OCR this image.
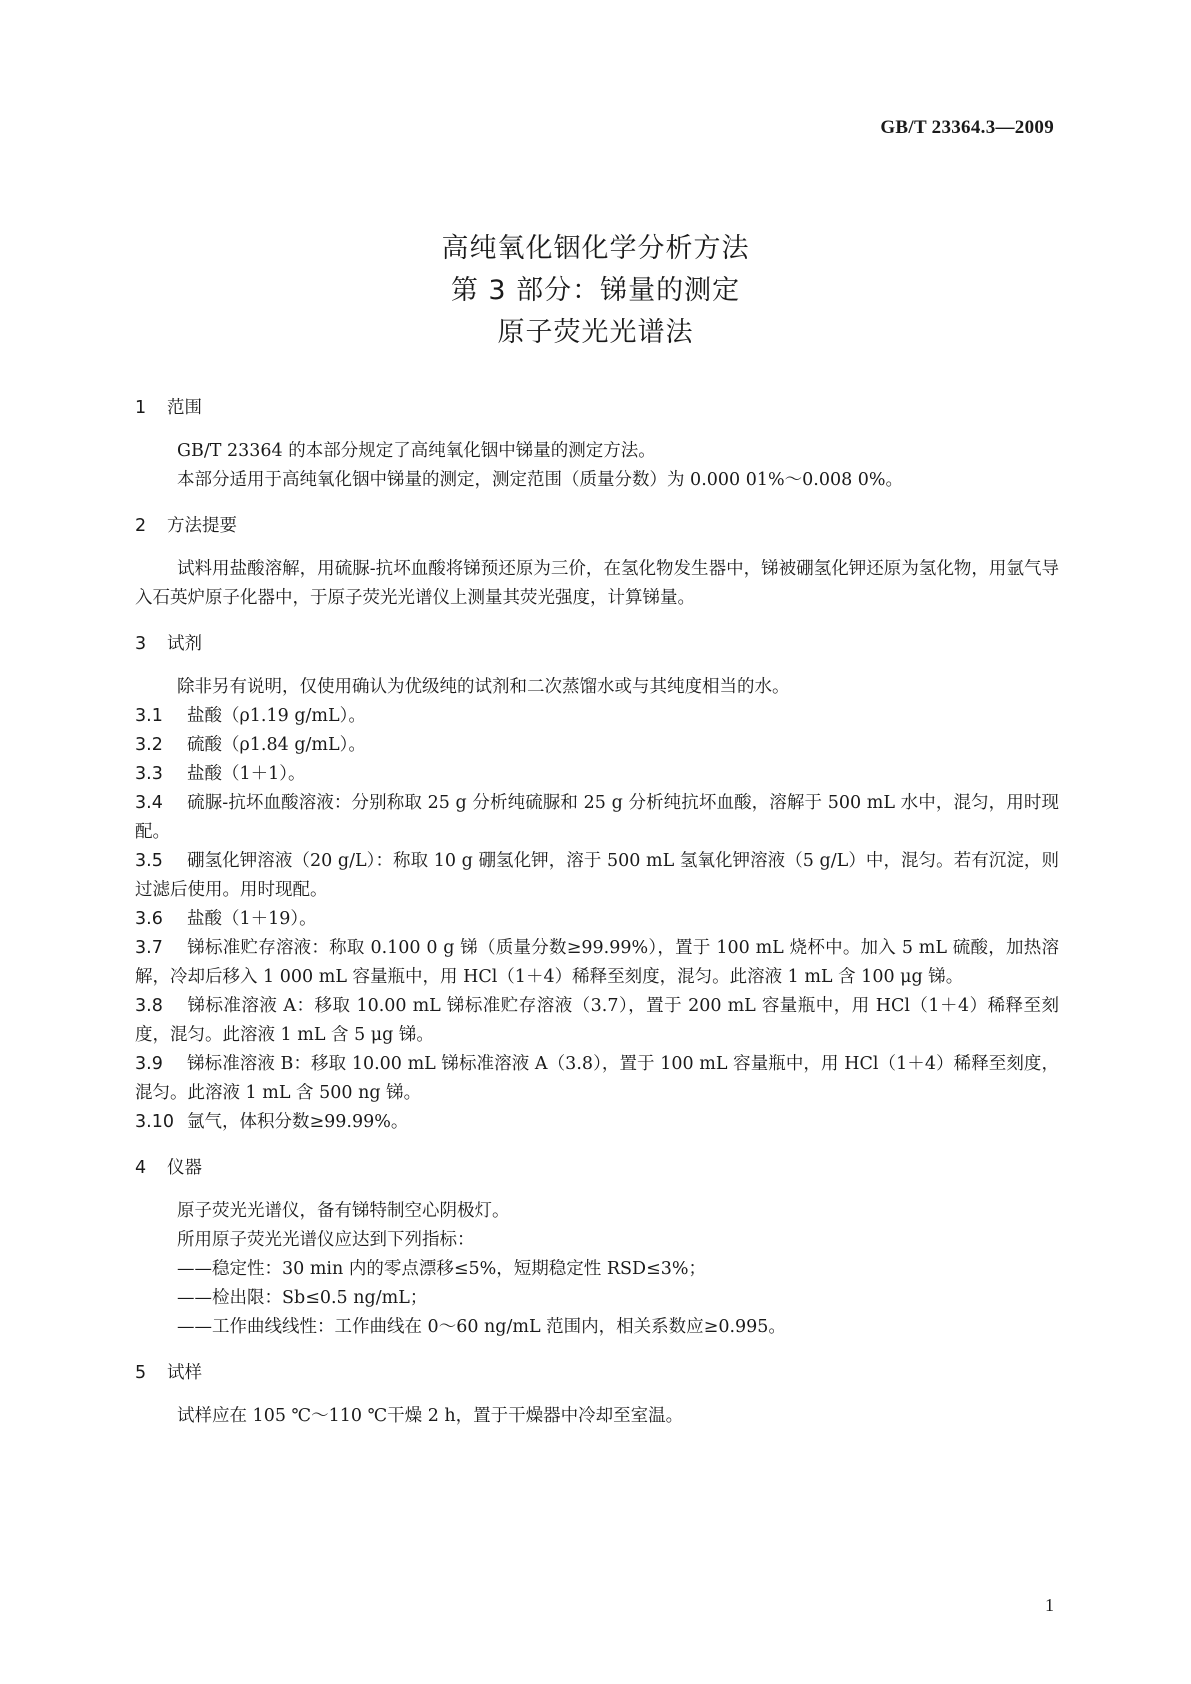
GB/T 23364.3—2009
高纯氧化铟化学分析方法
第 3 部分：锑量的测定
原子荧光光谱法

1 范围

GB/T 23364 的本部分规定了高纯氧化铟中锑量的测定方法。

本部分适用于高纯氧化铟中锑量的测定，测定范围（质量分数）为 0.000 01%～0.008 0%。

2 方法提要

试料用盐酸溶解，用硫脲-抗坏血酸将锑预还原为三价，在氢化物发生器中，锑被硼氢化钾还原为氢化物，用氩气导入石英炉原子化器中，于原子荧光光谱仪上测量其荧光强度，计算锑量。

3 试剂

除非另有说明，仅使用确认为优级纯的试剂和二次蒸馏水或与其纯度相当的水。

3.1 盐酸（ρ1.19 g/mL）。

3.2 硫酸（ρ1.84 g/mL）。

3.3 盐酸（1＋1）。

3.4 硫脲-抗坏血酸溶液：分别称取 25 g 分析纯硫脲和 25 g 分析纯抗坏血酸，溶解于 500 mL 水中，混匀，用时现配。

3.5 硼氢化钾溶液（20 g/L）：称取 10 g 硼氢化钾，溶于 500 mL 氢氧化钾溶液（5 g/L）中，混匀。若有沉淀，则过滤后使用。用时现配。

3.6 盐酸（1＋19）。

3.7 锑标准贮存溶液：称取 0.100 0 g 锑（质量分数≥99.99%），置于 100 mL 烧杯中。加入 5 mL 硫酸，加热溶解，冷却后移入 1 000 mL 容量瓶中，用 HCl（1＋4）稀释至刻度，混匀。此溶液 1 mL 含 100 μg 锑。

3.8 锑标准溶液 A：移取 10.00 mL 锑标准贮存溶液（3.7），置于 200 mL 容量瓶中，用 HCl（1＋4）稀释至刻度，混匀。此溶液 1 mL 含 5 μg 锑。

3.9 锑标准溶液 B：移取 10.00 mL 锑标准溶液 A（3.8），置于 100 mL 容量瓶中，用 HCl（1＋4）稀释至刻度，混匀。此溶液 1 mL 含 500 ng 锑。

3.10 氩气，体积分数≥99.99%。

4 仪器

原子荧光光谱仪，备有锑特制空心阴极灯。

所用原子荧光光谱仪应达到下列指标：

——稳定性：30 min 内的零点漂移≤5%，短期稳定性 RSD≤3%；

——检出限：Sb≤0.5 ng/mL；

——工作曲线线性：工作曲线在 0～60 ng/mL 范围内，相关系数应≥0.995。

5 试样

试样应在 105 ℃～110 ℃干燥 2 h，置于干燥器中冷却至室温。

1
